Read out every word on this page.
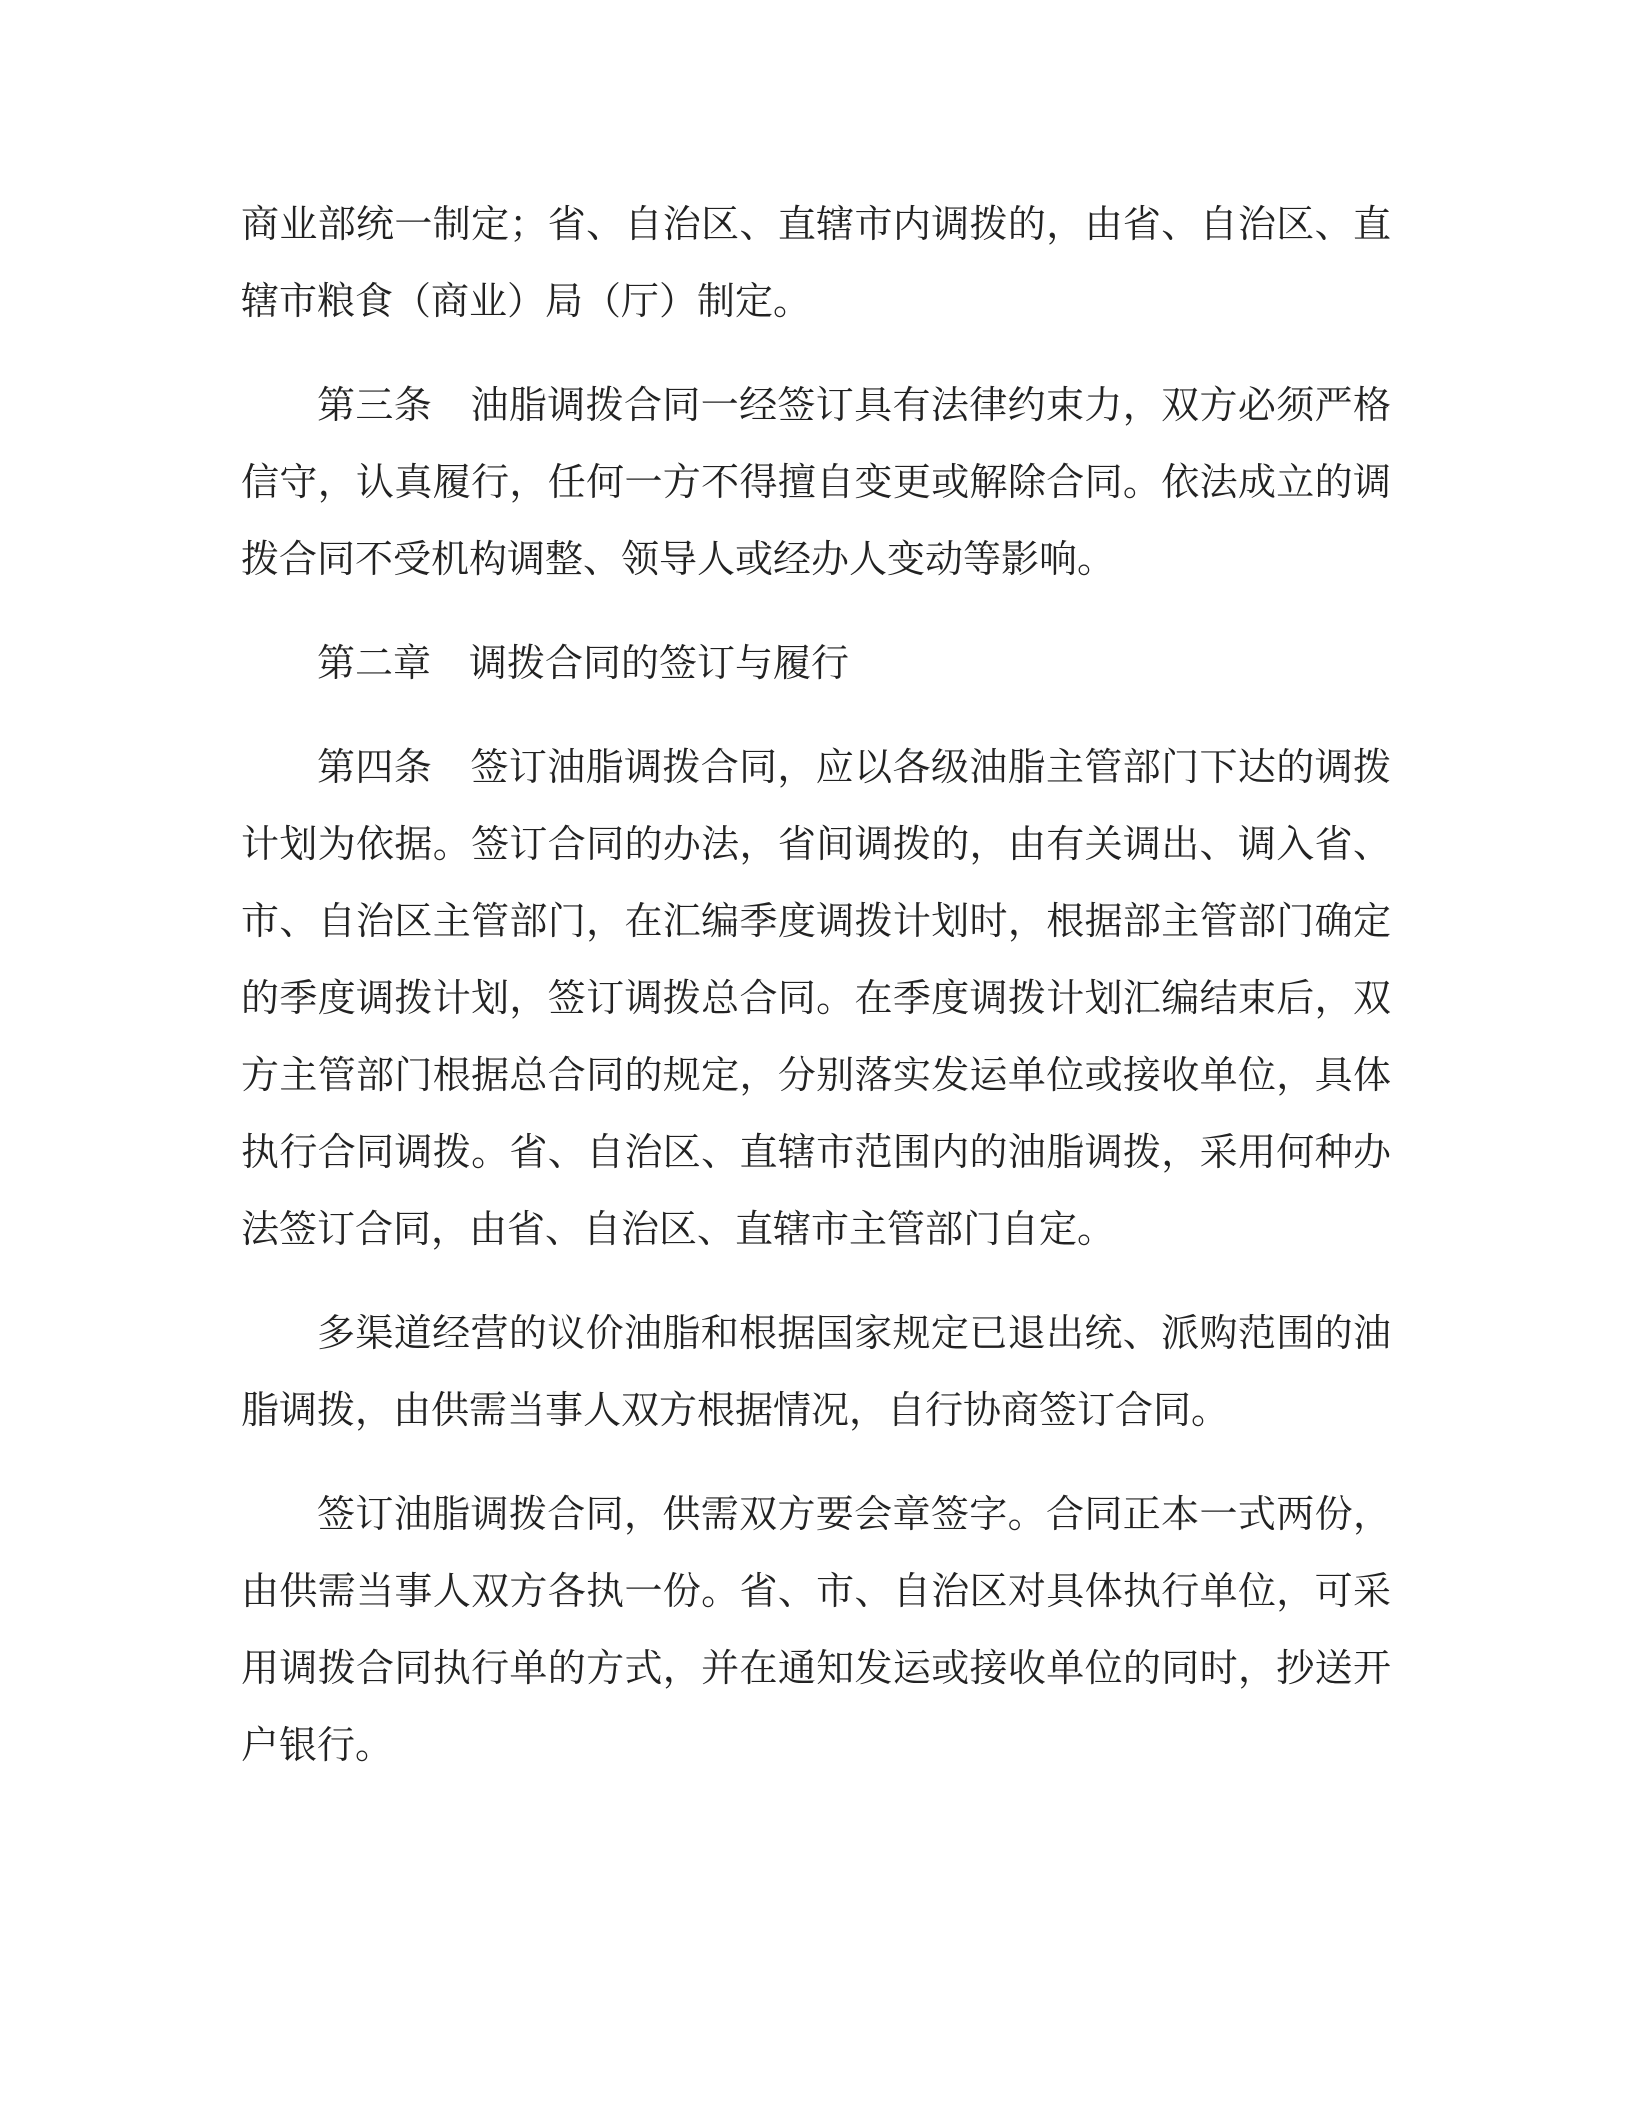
商业部统一制定；省、自治区、直辖市内调拨的，由省、自治区、直辖市粮食（商业）局（厅）制定。

第三条 油脂调拨合同一经签订具有法律约束力，双方必须严格信守，认真履行，任何一方不得擅自变更或解除合同。依法成立的调拨合同不受机构调整、领导人或经办人变动等影响。

第二章 调拨合同的签订与履行

第四条 签订油脂调拨合同，应以各级油脂主管部门下达的调拨计划为依据。签订合同的办法，省间调拨的，由有关调出、调入省、市、自治区主管部门，在汇编季度调拨计划时，根据部主管部门确定的季度调拨计划，签订调拨总合同。在季度调拨计划汇编结束后，双方主管部门根据总合同的规定，分别落实发运单位或接收单位，具体执行合同调拨。省、自治区、直辖市范围内的油脂调拨，采用何种办法签订合同，由省、自治区、直辖市主管部门自定。

多渠道经营的议价油脂和根据国家规定已退出统、派购范围的油脂调拨，由供需当事人双方根据情况，自行协商签订合同。

签订油脂调拨合同，供需双方要会章签字。合同正本一式两份，由供需当事人双方各执一份。省、市、自治区对具体执行单位，可采用调拨合同执行单的方式，并在通知发运或接收单位的同时，抄送开户银行。
